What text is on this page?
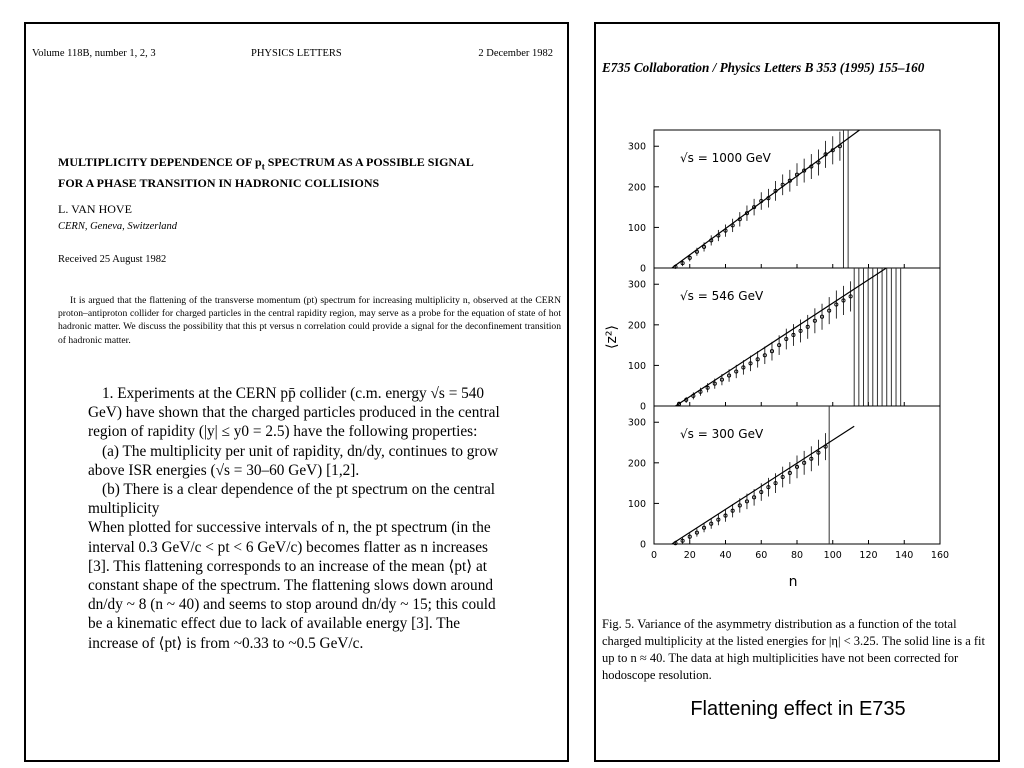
Volume 118B, number 1, 2, 3	PHYSICS LETTERS	2 December 1982
MULTIPLICITY DEPENDENCE OF $p_t$ SPECTRUM AS A POSSIBLE SIGNAL
FOR A PHASE TRANSITION IN HADRONIC COLLISIONS
L. VAN HOVE
CERN, Geneva, Switzerland
Received 25 August 1982
It is argued that the flattening of the transverse momentum (pt) spectrum for increasing multiplicity n, observed at the CERN proton–antiproton collider for charged particles in the central rapidity region, may serve as a probe for the equation of state of hot hadronic matter. We discuss the possibility that this pt versus n correlation could provide a signal for the deconfinement transition of hadronic matter.

1. Experiments at the CERN pp̄ collider (c.m. energy √s = 540 GeV) have shown that the charged particles produced in the central region of rapidity (|y| ≤ y0 = 2.5) have the following properties:

(a) The multiplicity per unit of rapidity, dn/dy, continues to grow above ISR energies (√s = 30–60 GeV) [1,2].

(b) There is a clear dependence of the pt spectrum on the central multiplicity

When plotted for successive intervals of n, the pt spectrum (in the interval 0.3 GeV/c < pt < 6 GeV/c) becomes flatter as n increases [3]. This flattening corresponds to an increase of the mean ⟨pt⟩ at constant shape of the spectrum. The flattening slows down around dn/dy ~ 8 (n ~ 40) and seems to stop around dn/dy ~ 15; this could be a kinematic effect due to lack of available energy [3]. The increase of ⟨pt⟩ is from ~0.33 to ~0.5 GeV/c.

E735 Collaboration / Physics Letters B 353 (1995) 155–160
0
100
200
300
√s = 1000 GeV
0
100
200
300
√s = 546 GeV
0
100
200
300
√s = 300 GeV
0	20 40 60 80 100 120 140 160
n
⟨z²⟩
Fig. 5. Variance of the asymmetry distribution as a function of the total charged multiplicity at the listed energies for |η| < 3.25. The solid line is a fit up to n ≈ 40. The data at high multiplicities have not been corrected for hodoscope resolution.
Flattening effect in E735
